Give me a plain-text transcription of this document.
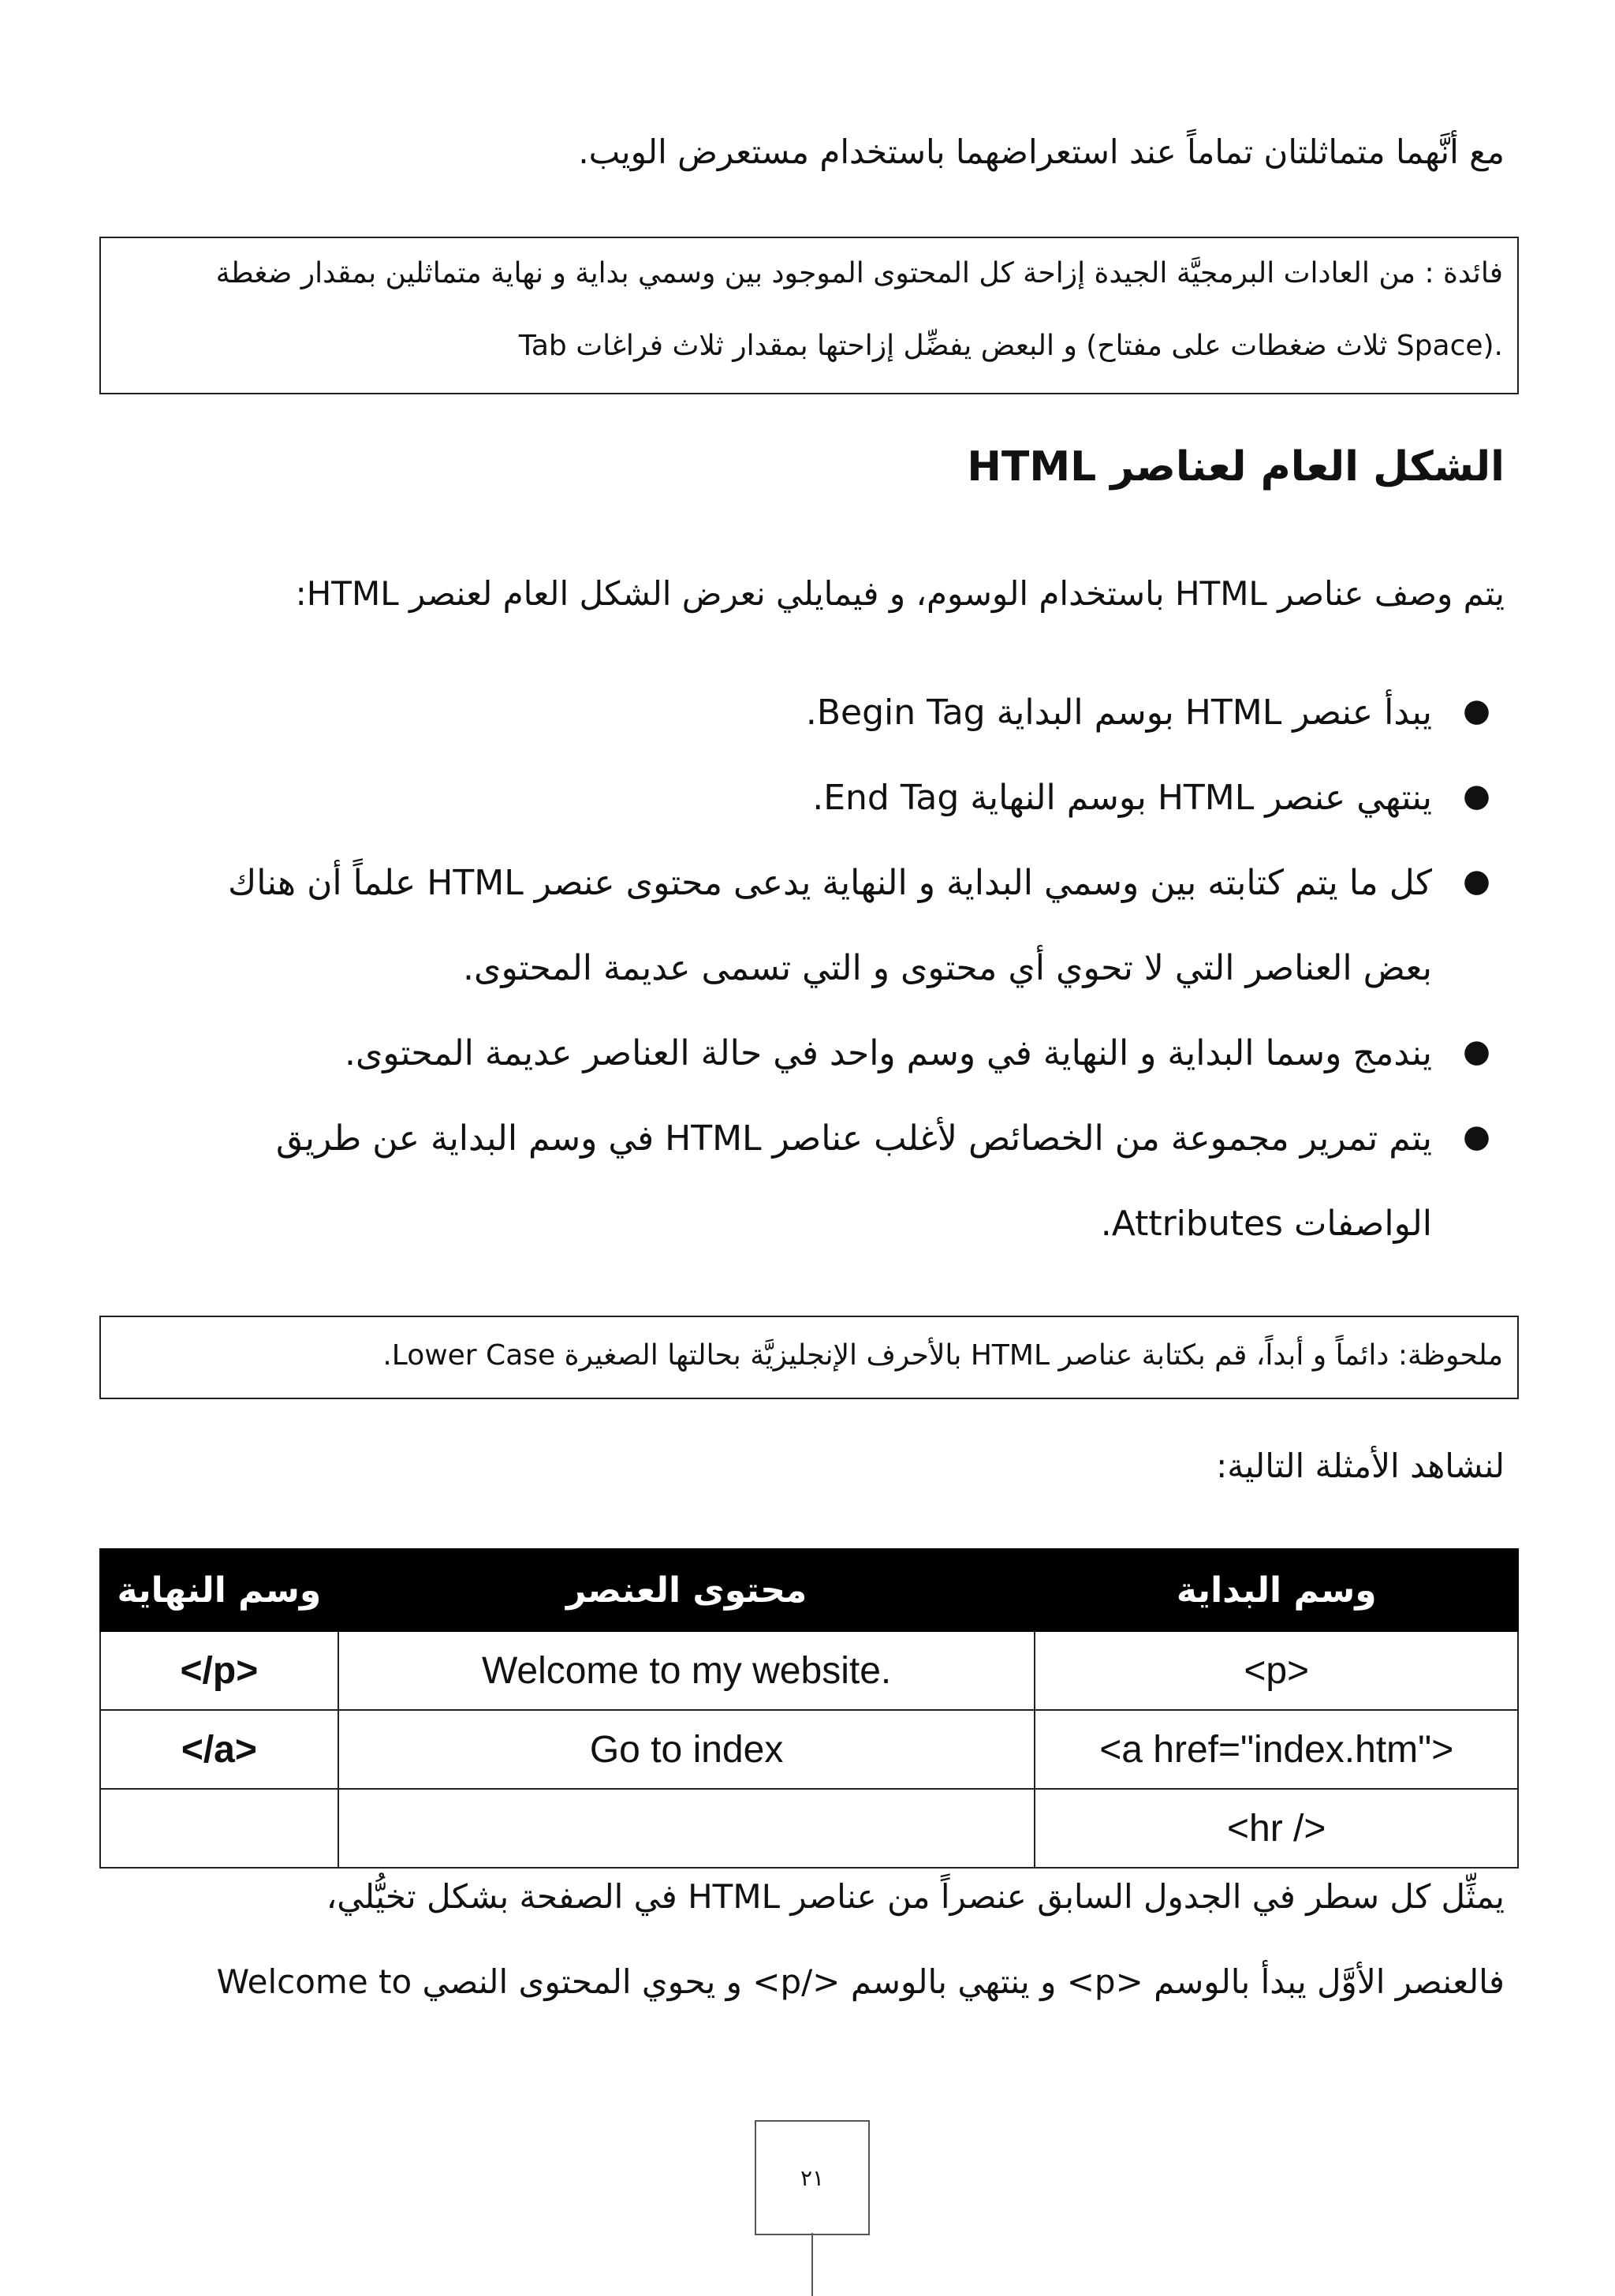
مع أنَّهما متماثلتان تماماً عند استعراضهما باستخدام مستعرض الويب.

فائدة : من العادات البرمجيَّة الجيدة إزاحة كل المحتوى الموجود بين وسمي بداية و نهاية متماثلين بمقدار ضغطة

Tab و البعض يفضِّل إزاحتها بمقدار ثلاث فراغات (ثلاث ضغطات على مفتاح Space).

الشكل العام لعناصر HTML
يتم وصف عناصر HTML باستخدام الوسوم، و فيمايلي نعرض الشكل العام لعنصر HTML:
●
يبدأ عنصر HTML بوسم البداية Begin Tag.
●
ينتهي عنصر HTML بوسم النهاية End Tag.
●
كل ما يتم كتابته بين وسمي البداية و النهاية يدعى محتوى عنصر HTML علماً أن هناك
بعض العناصر التي لا تحوي أي محتوى و التي تسمى عديمة المحتوى.
●
يندمج وسما البداية و النهاية في وسم واحد في حالة العناصر عديمة المحتوى.
●
يتم تمرير مجموعة من الخصائص لأغلب عناصر HTML في وسم البداية عن طريق
الواصفات Attributes.

ملحوظة: دائماً و أبداً، قم بكتابة عناصر HTML بالأحرف الإنجليزيَّة بحالتها الصغيرة Lower Case.

لنشاهد الأمثلة التالية:
وسم البداية	محتوى العنصر	وسم النهاية
<p>	Welcome to my website.	</p>
<a href="index.htm">	Go to index	</a>
<hr />		
يمثِّل كل سطر في الجدول السابق عنصراً من عناصر HTML في الصفحة بشكل تخيُّلي،
فالعنصر الأوَّل يبدأ بالوسم <p> و ينتهي بالوسم </p> و يحوي المحتوى النصي Welcome to
٢١
